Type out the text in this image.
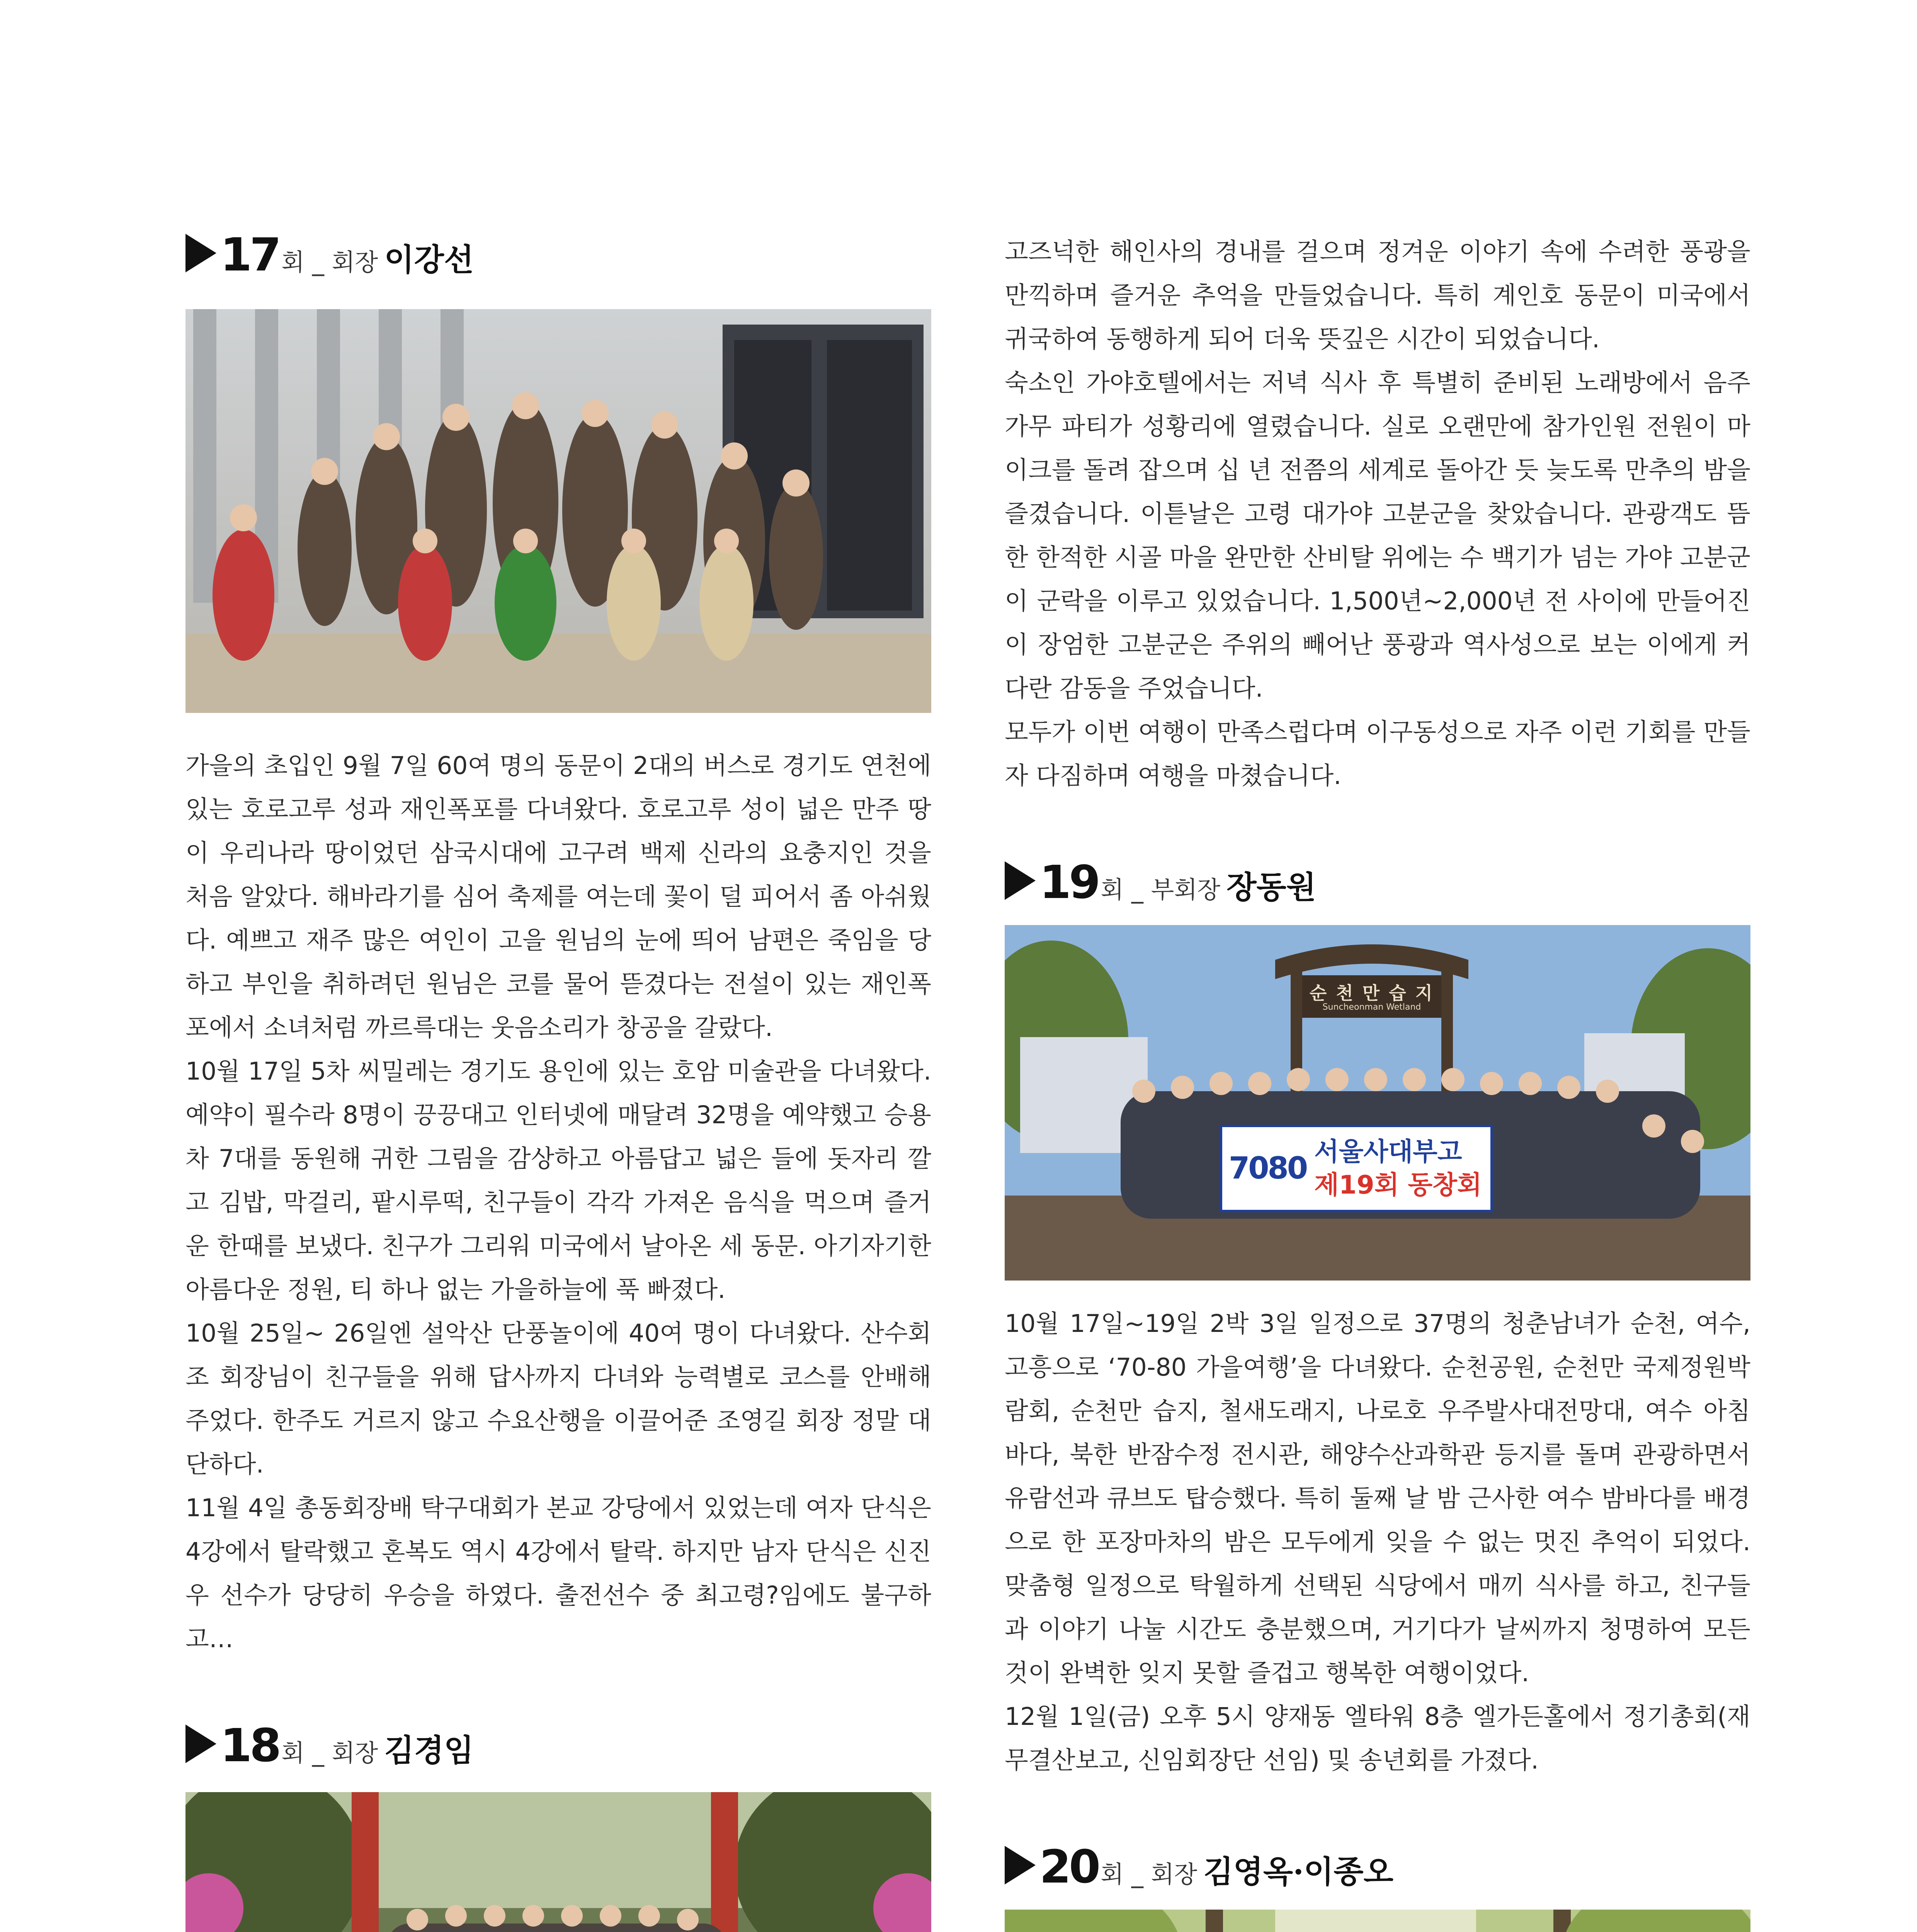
17 회 _ 회장 이강선

가을의 초입인 9월 7일 60여 명의 동문이 2대의 버스로 경기도 연천에 있는 호로고루 성과 재인폭포를 다녀왔다. 호로고루 성이 넓은 만주 땅이 우리나라 땅이었던 삼국시대에 고구려 백제 신라의 요충지인 것을 처음 알았다. 해바라기를 심어 축제를 여는데 꽃이 덜 피어서 좀 아쉬웠다. 예쁘고 재주 많은 여인이 고을 원님의 눈에 띄어 남편은 죽임을 당하고 부인을 취하려던 원님은 코를 물어 뜯겼다는 전설이 있는 재인폭포에서 소녀처럼 까르륵대는 웃음소리가 창공을 갈랐다.

10월 17일 5차 씨밀레는 경기도 용인에 있는 호암 미술관을 다녀왔다. 예약이 필수라 8명이 끙끙대고 인터넷에 매달려 32명을 예약했고 승용차 7대를 동원해 귀한 그림을 감상하고 아름답고 넓은 들에 돗자리 깔고 김밥, 막걸리, 팥시루떡, 친구들이 각각 가져온 음식을 먹으며 즐거운 한때를 보냈다. 친구가 그리워 미국에서 날아온 세 동문. 아기자기한 아름다운 정원, 티 하나 없는 가을하늘에 푹 빠졌다.

10월 25일~ 26일엔 설악산 단풍놀이에 40여 명이 다녀왔다. 산수회 조 회장님이 친구들을 위해 답사까지 다녀와 능력별로 코스를 안배해 주었다. 한주도 거르지 않고 수요산행을 이끌어준 조영길 회장 정말 대단하다.

11월 4일 총동회장배 탁구대회가 본교 강당에서 있었는데 여자 단식은 4강에서 탈락했고 혼복도 역시 4강에서 탈락. 하지만 남자 단식은 신진우 선수가 당당히 우승을 하였다. 출전선수 중 최고령?임에도 불구하고…

18 회 _ 회장 김경임

고즈넉한 해인사의 경내를 걸으며 정겨운 이야기 속에 수려한 풍광을 만끽하며 즐거운 추억을 만들었습니다. 특히 계인호 동문이 미국에서 귀국하여 동행하게 되어 더욱 뜻깊은 시간이 되었습니다.

숙소인 가야호텔에서는 저녁 식사 후 특별히 준비된 노래방에서 음주 가무 파티가 성황리에 열렸습니다. 실로 오랜만에 참가인원 전원이 마이크를 돌려 잡으며 십 년 전쯤의 세계로 돌아간 듯 늦도록 만추의 밤을 즐겼습니다. 이튿날은 고령 대가야 고분군을 찾았습니다. 관광객도 뜸한 한적한 시골 마을 완만한 산비탈 위에는 수 백기가 넘는 가야 고분군이 군락을 이루고 있었습니다. 1,500년~2,000년 전 사이에 만들어진 이 장엄한 고분군은 주위의 빼어난 풍광과 역사성으로 보는 이에게 커다란 감동을 주었습니다.

모두가 이번 여행이 만족스럽다며 이구동성으로 자주 이런 기회를 만들자 다짐하며 여행을 마쳤습니다.

19 회 _ 부회장 장동원
순 천 만 습 지
Suncheonman Wetland
7080 서울사대부고
제19회 동창회

10월 17일~19일 2박 3일 일정으로 37명의 청춘남녀가 순천, 여수, 고흥으로 ‘70-80 가을여행’을 다녀왔다. 순천공원, 순천만 국제정원박람회, 순천만 습지, 철새도래지, 나로호 우주발사대전망대, 여수 아침 바다, 북한 반잠수정 전시관, 해양수산과학관 등지를 돌며 관광하면서 유람선과 큐브도 탑승했다. 특히 둘째 날 밤 근사한 여수 밤바다를 배경으로 한 포장마차의 밤은 모두에게 잊을 수 없는 멋진 추억이 되었다. 맞춤형 일정으로 탁월하게 선택된 식당에서 매끼 식사를 하고, 친구들과 이야기 나눌 시간도 충분했으며, 거기다가 날씨까지 청명하여 모든 것이 완벽한 잊지 못할 즐겁고 행복한 여행이었다.

12월 1일(금) 오후 5시 양재동 엘타워 8층 엘가든홀에서 정기총회(재무결산보고, 신임회장단 선임) 및 송년회를 가졌다.

20 회 _ 회장 김영옥·이종오
